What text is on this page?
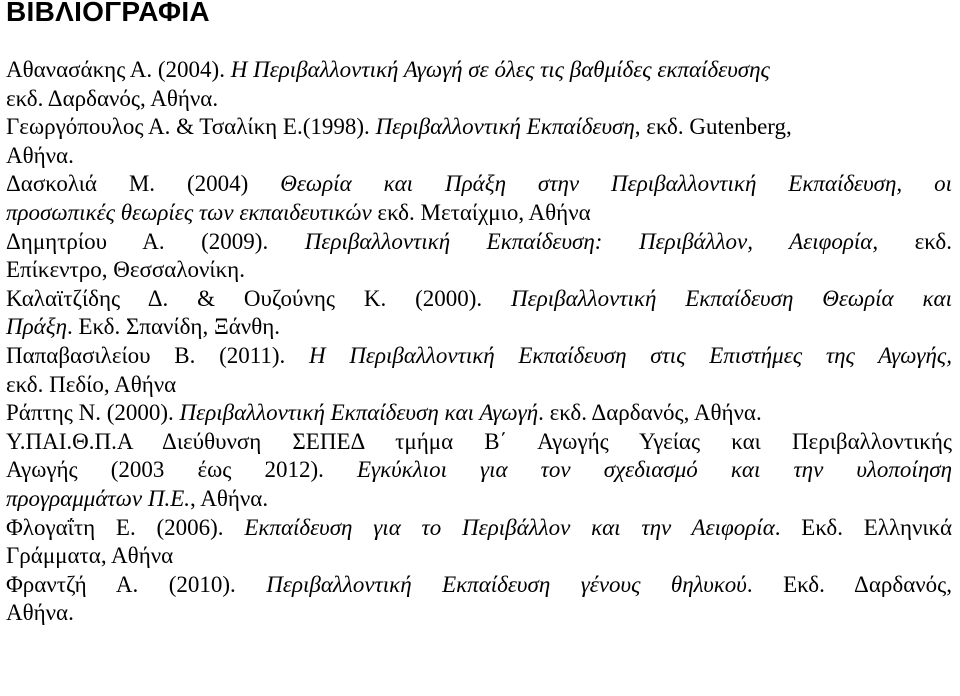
ΒΙΒΛΙΟΓΡΑΦΙΑ
Αθανασάκης Α. (2004). Η Περιβαλλοντική Αγωγή σε όλες τις βαθμίδες εκπαίδευσης
εκδ. Δαρδανός, Αθήνα.
Γεωργόπουλος Α. & Τσαλίκη Ε.(1998). Περιβαλλοντική Εκπαίδευση, εκδ. Gutenberg,
Αθήνα.
Δασκολιά Μ. (2004) Θεωρία και Πράξη στην Περιβαλλοντική Εκπαίδευση, οι
προσωπικές θεωρίες των εκπαιδευτικών εκδ. Μεταίχμιο, Αθήνα
Δημητρίου Α. (2009). Περιβαλλοντική Εκπαίδευση: Περιβάλλον, Αειφορία, εκδ.
Επίκεντρο, Θεσσαλονίκη.
Καλαϊτζίδης Δ. & Ουζούνης Κ. (2000). Περιβαλλοντική Εκπαίδευση Θεωρία και
Πράξη. Εκδ. Σπανίδη, Ξάνθη.
Παπαβασιλείου Β. (2011). Η Περιβαλλοντική Εκπαίδευση στις Επιστήμες της Αγωγής,
εκδ. Πεδίο, Αθήνα
Ράπτης Ν. (2000). Περιβαλλοντική Εκπαίδευση και Αγωγή. εκδ. Δαρδανός, Αθήνα.
Υ.ΠΑΙ.Θ.Π.Α Διεύθυνση ΣΕΠΕΔ τμήμα Β΄ Αγωγής Υγείας και Περιβαλλοντικής
Αγωγής (2003 έως 2012). Εγκύκλιοι για τον σχεδιασμό και την υλοποίηση
προγραμμάτων Π.Ε., Αθήνα.
Φλογαΐτη Ε. (2006). Εκπαίδευση για το Περιβάλλον και την Αειφορία. Εκδ. Ελληνικά
Γράμματα, Αθήνα
Φραντζή Α. (2010). Περιβαλλοντική Εκπαίδευση γένους θηλυκού. Εκδ. Δαρδανός,
Αθήνα.
